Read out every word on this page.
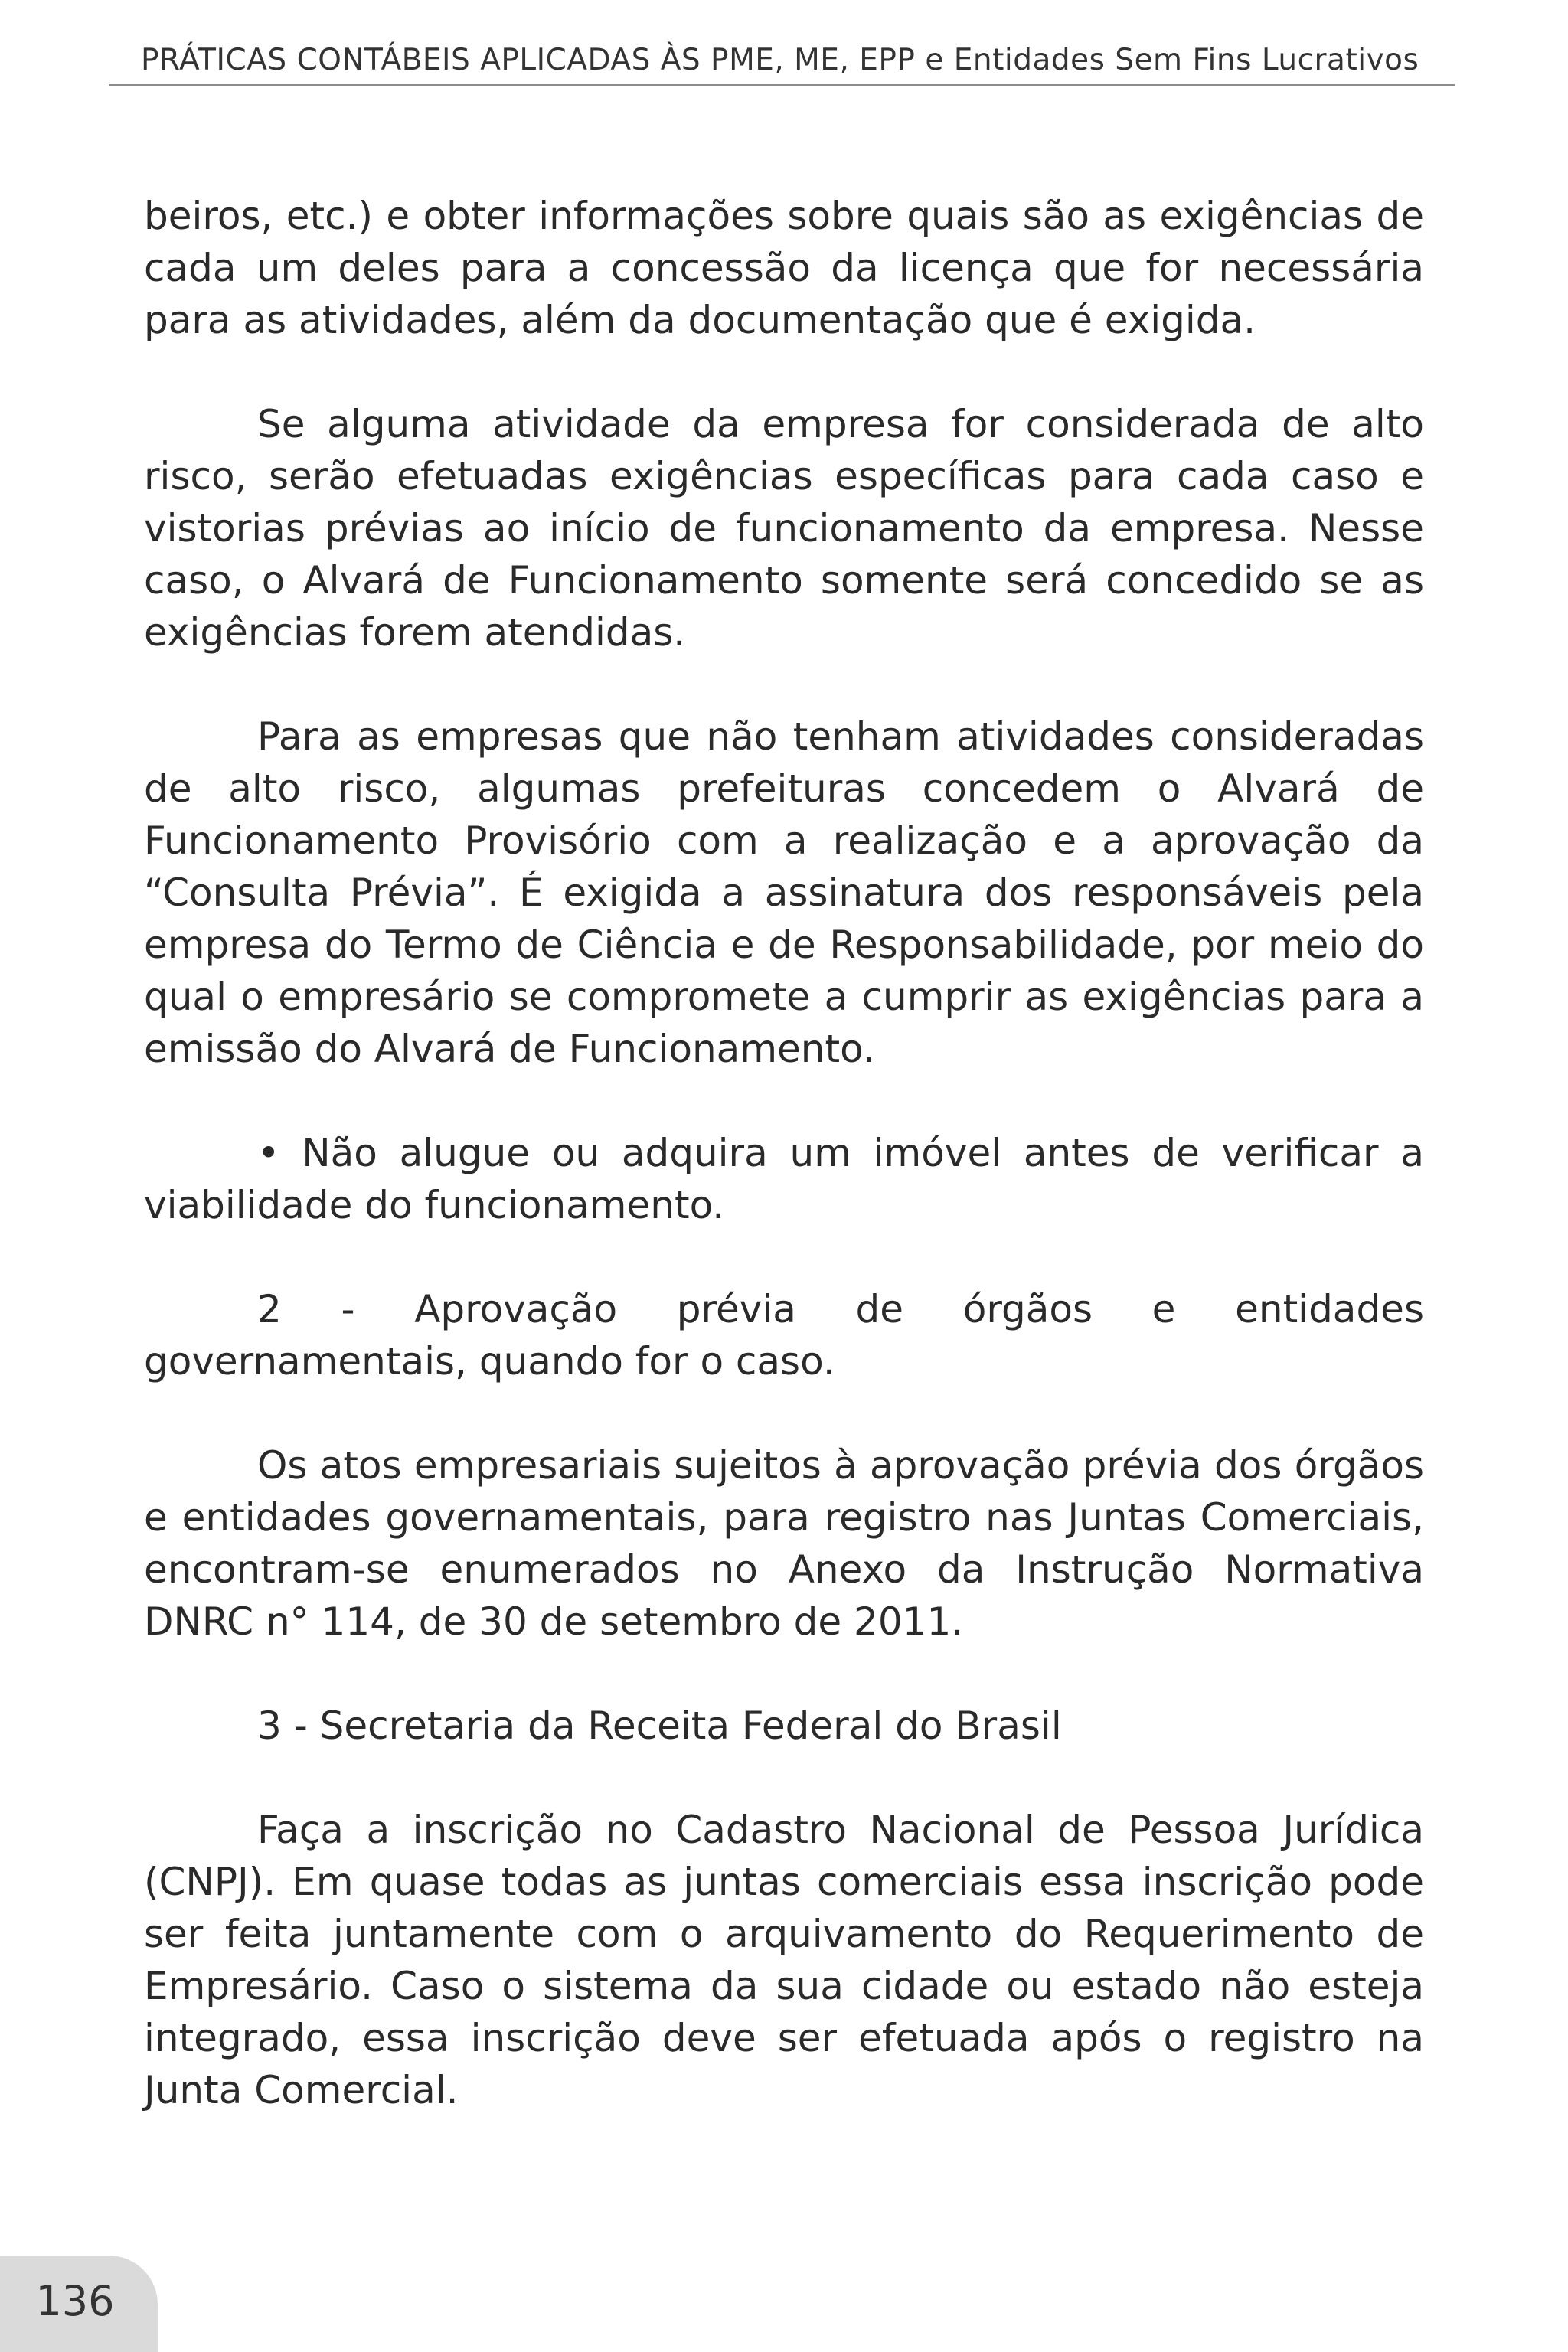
PRÁTICAS CONTÁBEIS APLICADAS ÀS PME, ME, EPP e Entidades Sem Fins Lucrativos

beiros, etc.) e obter informações sobre quais são as exigências de cada um deles para a concessão da licença que for necessária para as atividades, além da documentação que é exigida.

Se alguma atividade da empresa for considerada de alto risco, serão efetuadas exigências específicas para cada caso e vistorias prévias ao início de funcionamento da empresa. Nesse caso, o Alvará de Funcionamento somente será concedido se as exigências forem atendidas.

Para as empresas que não tenham atividades consideradas de alto risco, algumas prefeituras concedem o Alvará de Funcionamento Provisório com a realização e a aprovação da “Consulta Prévia”. É exigida a assinatura dos responsáveis pela empresa do Termo de Ciência e de Responsabilidade, por meio do qual o empresário se compromete a cumprir as exigências para a emissão do Alvará de Funcionamento.

• Não alugue ou adquira um imóvel antes de verificar a viabilidade do funcionamento.

2 - Aprovação prévia de órgãos e entidades governamentais, quando for o caso.

Os atos empresariais sujeitos à aprovação prévia dos órgãos e entidades governamentais, para registro nas Juntas Comerciais, encontram-se enumerados no Anexo da Instrução Normativa DNRC n° 114, de 30 de setembro de 2011.

3 - Secretaria da Receita Federal do Brasil

Faça a inscrição no Cadastro Nacional de Pessoa Jurídica (CNPJ). Em quase todas as juntas comerciais essa inscrição pode ser feita juntamente com o arquivamento do Requerimento de Empresário. Caso o sistema da sua cidade ou estado não esteja integrado, essa inscrição deve ser efetuada após o registro na Junta Comercial.

136
